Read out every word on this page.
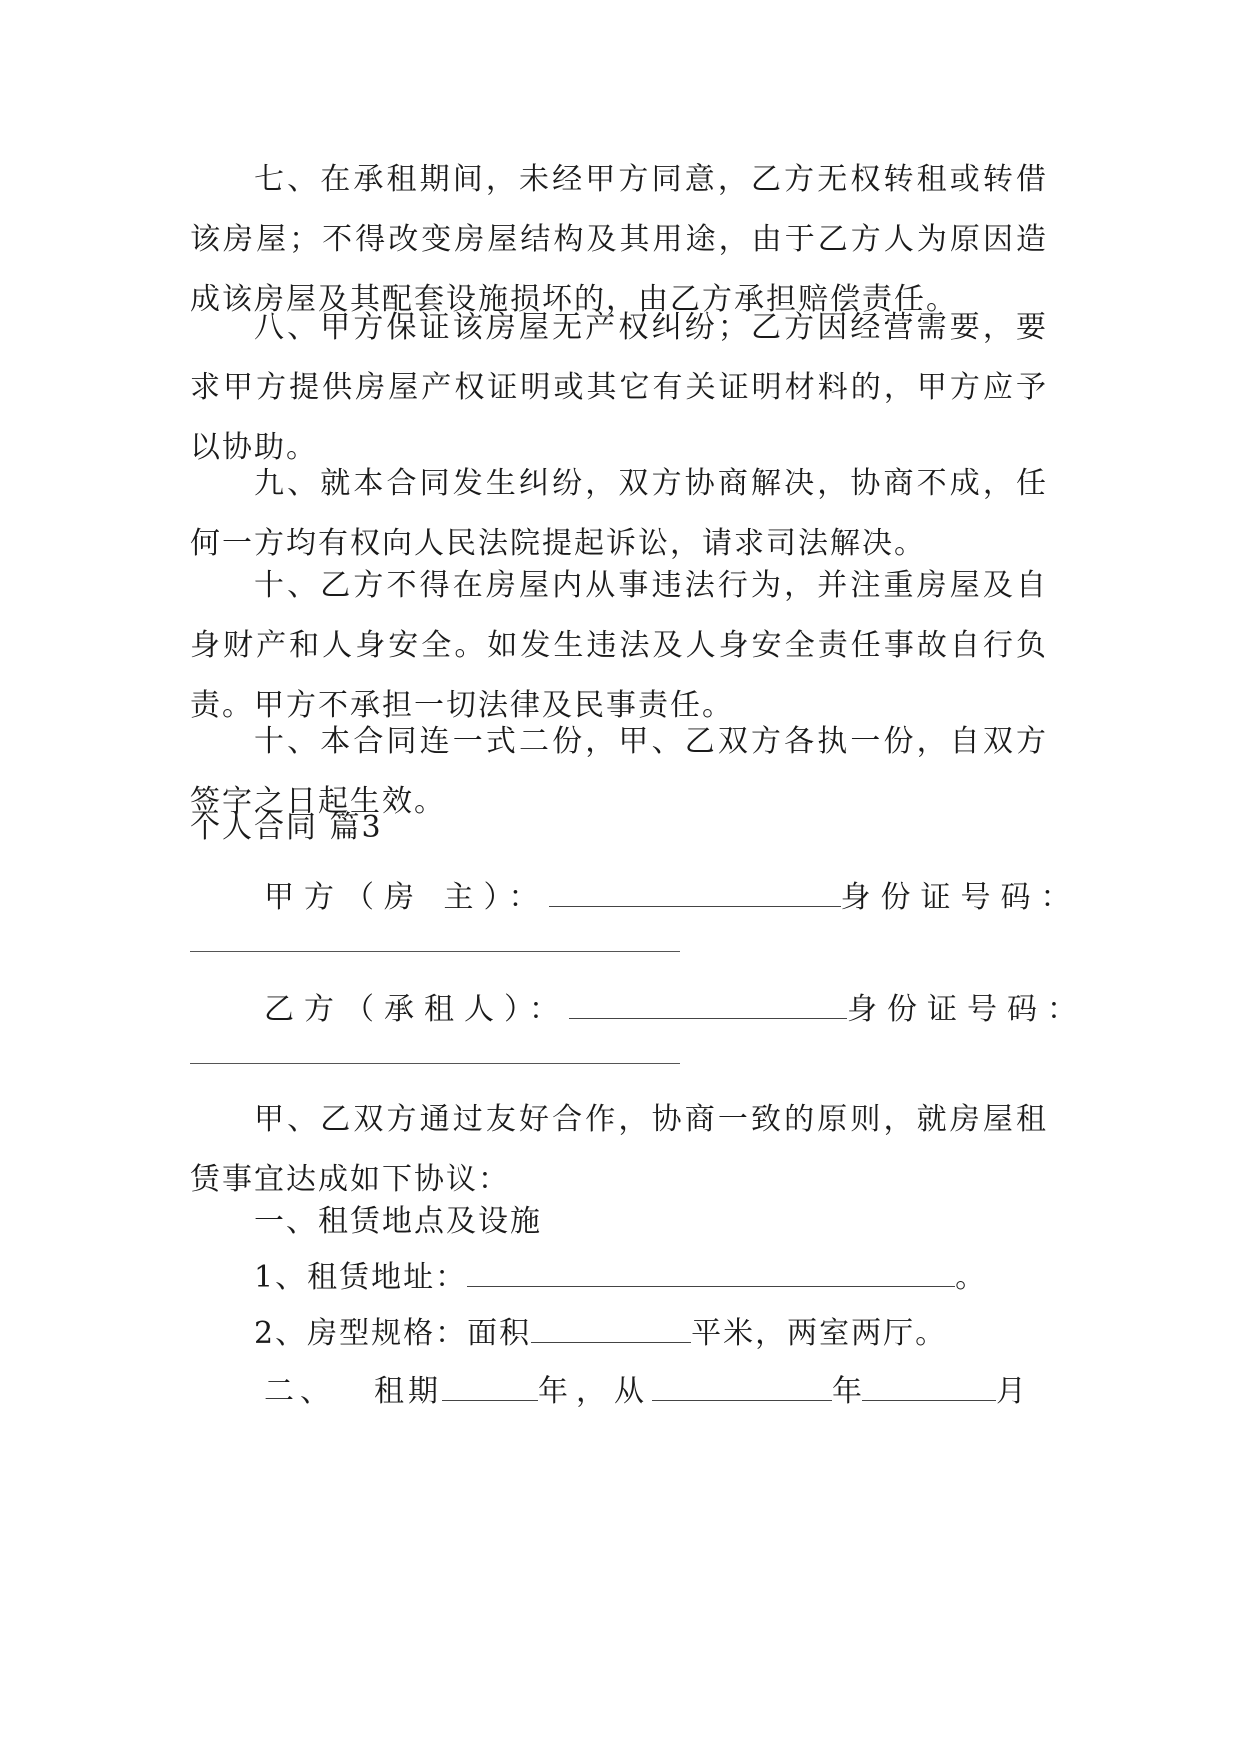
七、在承租期间，未经甲方同意，乙方无权转租或转借该房屋；不得改变房屋结构及其用途，由于乙方人为原因造成该房屋及其配套设施损坏的，由乙方承担赔偿责任。

八、甲方保证该房屋无产权纠纷；乙方因经营需要，要求甲方提供房屋产权证明或其它有关证明材料的，甲方应予以协助。

九、就本合同发生纠纷，双方协商解决，协商不成，任何一方均有权向人民法院提起诉讼，请求司法解决。

十、乙方不得在房屋内从事违法行为，并注重房屋及自身财产和人身安全。如发生违法及人身安全责任事故自行负责。甲方不承担一切法律及民事责任。

十、本合同连一式二份，甲、乙双方各执一份，自双方签字之日起生效。

个人合同 篇3

甲方（房 主）：	身份证号码：
乙方（承租人）：	身份证号码：

甲、乙双方通过友好合作，协商一致的原则，就房屋租赁事宜达成如下协议：

一、租赁地点及设施

1、租赁地址：	。
2、房型规格：面积	平米，两室两厅。
二、 租期	年，从	年	月
